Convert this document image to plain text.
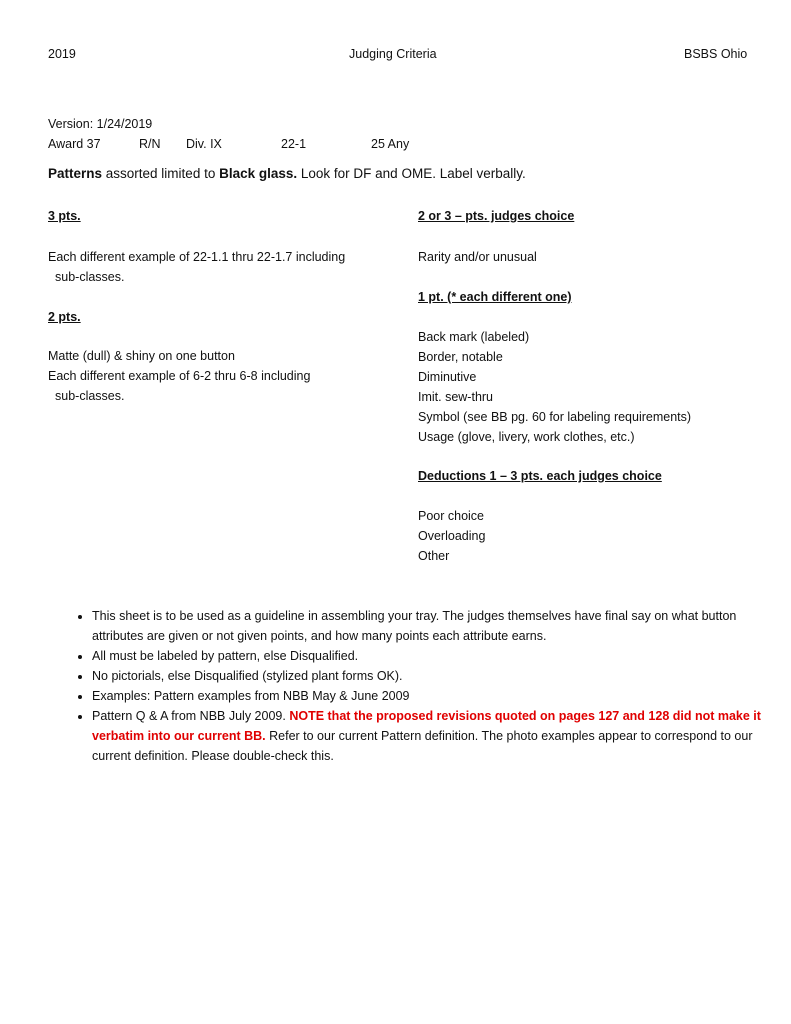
2019	Judging Criteria	BSBS Ohio
Version: 1/24/2019
Award 37	R/N Div. IX	22-1	25 Any
Patterns assorted limited to Black glass. Look for DF and OME. Label verbally.
3 pts.
Each different example of 22-1.1 thru 22-1.7 including
sub-classes.
2 pts.
Matte (dull) & shiny on one button
Each different example of 6-2 thru 6-8 including
sub-classes.
2 or 3 – pts. judges choice
Rarity and/or unusual
1 pt. (* each different one)
Back mark (labeled)
Border, notable
Diminutive
Imit. sew-thru
Symbol (see BB pg. 60 for labeling requirements)
Usage (glove, livery, work clothes, etc.)
Deductions 1 – 3 pts. each judges choice
Poor choice
Overloading
Other
• This sheet is to be used as a guideline in assembling your tray. The judges themselves have final say on what button attributes are given or not given points, and how many points each attribute earns.
• All must be labeled by pattern, else Disqualified.
• No pictorials, else Disqualified (stylized plant forms OK).
• Examples: Pattern examples from NBB May & June 2009
• Pattern Q & A from NBB July 2009. NOTE that the proposed revisions quoted on pages 127 and 128 did not make it verbatim into our current BB. Refer to our current Pattern definition. The photo examples appear to correspond to our current definition. Please double-check this.
